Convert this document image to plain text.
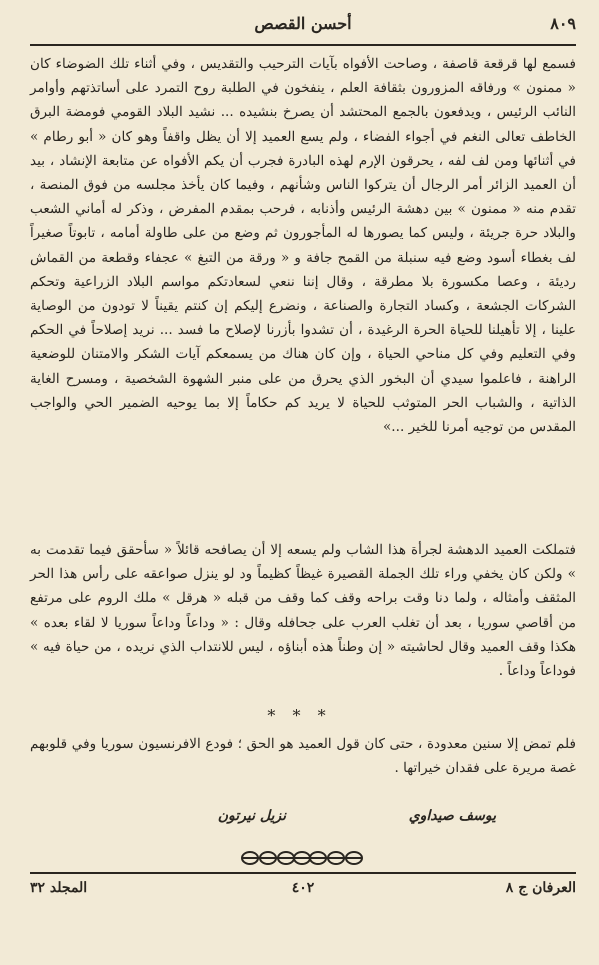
٨٠٩
أحسن القصص

فسمع لها قرقعة قاصفة ، وصاحت الأفواه بآيات الترحيب والتقديس ، وفي أثناء تلك الضوضاء كان « ممنون » ورفاقه المزورون بثقافة العلم ، ينفخون في الطلبة روح التمرد على أساتذتهم وأوامر النائب الرئيس ، ويدفعون بالجمع المحتشد أن يصرخ بنشيده ... نشيد البلاد القومي فومضة البرق الخاطف تعالى النغم في أجواء الفضاء ، ولم يسع العميد إلا أن يظل واقفاً وهو كان « أبو رطام » في أثنائها ومن لف لفه ، يحرقون الإرم لهذه البادرة فجرب أن يكم الأفواه عن متابعة الإنشاد ، بيد أن العميد الزائر أمر الرجال أن يتركوا الناس وشأنهم ، وفيما كان يأخذ مجلسه من فوق المنصة ، تقدم منه « ممنون » بين دهشة الرئيس وأذنابه ، فرحب بمقدم المفرض ، وذكر له أماني الشعب والبلاد حرة جريئة ، وليس كما يصورها له المأجورون ثم وضع من على طاولة أمامه ، تابوتاً صغيراً لف بغطاء أسود وضع فيه سنبلة من القمح جافة و « ورقة من التبغ » عجفاء وقطعة من القماش رديئة ، وعصا مكسورة بلا مطرقة ، وقال إننا ننعي لسعادتكم مواسم البلاد الزراعية وتحكم الشركات الجشعة ، وكساد التجارة والصناعة ، ونضرع إليكم إن كنتم يقيناً لا تودون من الوصاية علينا ، إلا تأهيلنا للحياة الحرة الرغيدة ، أن تشدوا بأزرنا لإصلاح ما فسد ... نريد إصلاحاً في الحكم وفي التعليم وفي كل مناحي الحياة ، وإن كان هناك من يسمعكم آيات الشكر والامتنان للوضعية الراهنة ، فاعلموا سيدي أن البخور الذي يحرق من على منبر الشهوة الشخصية ، ومسرح الغاية الذاتية ، والشباب الحر المتوثب للحياة لا يريد كم حكاماً إلا بما يوحيه الضمير الحي والواجب المقدس من توجيه أمرنا للخير ...»

فتملكت العميد الدهشة لجرأة هذا الشاب ولم يسعه إلا أن يصافحه قائلاً « سأحقق فيما تقدمت به » ولكن كان يخفي وراء تلك الجملة القصيرة غيظاً كظيماً ود لو ينزل صواعقه على رأس هذا الحر المثقف وأمثاله ، ولما دنا وقت براحه وقف كما وقف من قبله « هرقل » ملك الروم على مرتفع من أقاصي سوريا ، بعد أن تغلب العرب على جحافله وقال : « وداعاً وداعاً سوريا لا لقاء بعده » هكذا وقف العميد وقال لحاشيته « إن وطناً هذه أبناؤه ، ليس للانتداب الذي نريده ، من حياة فيه » فوداعاً وداعاً .

* * *

فلم تمض إلا سنين معدودة ، حتى كان قول العميد هو الحق ؛ فودع الافرنسيون سوريا وفي قلوبهم غصة مريرة على فقدان خيراتها .

يوسف صيداوي
نزيل نيرتون
العرفان ج ٨
٤٠٢
المجلد ٣٢
